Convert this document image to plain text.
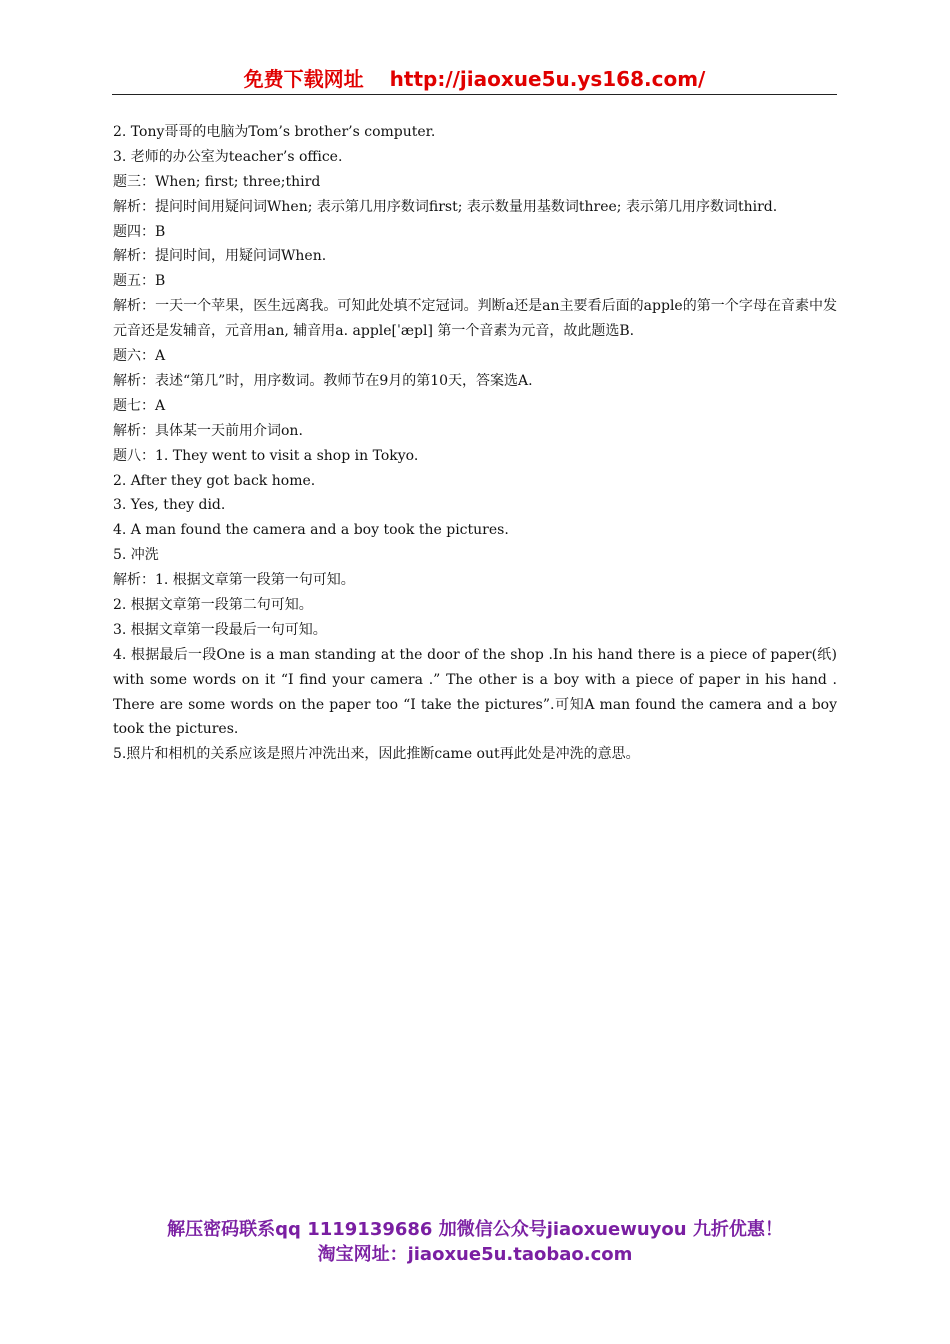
免费下载网址 http://jiaoxue5u.ys168.com/
2. Tony哥哥的电脑为Tom’s brother’s computer.
3. 老师的办公室为teacher’s office.
题三：When; first; three;third
解析：提问时间用疑问词When; 表示第几用序数词first; 表示数量用基数词three; 表示第几用序数词third.
题四：B
解析：提问时间，用疑问词When.
题五：B
解析：一天一个苹果，医生远离我。可知此处填不定冠词。判断a还是an主要看后面的apple的第一个字母在音素中发元音还是发辅音，元音用an, 辅音用a. apple[ˈæpl] 第一个音素为元音，故此题选B.
题六：A
解析：表述“第几”时，用序数词。教师节在9月的第10天，答案选A.
题七：A
解析：具体某一天前用介词on.
题八：1. They went to visit a shop in Tokyo.
2. After they got back home.
3. Yes, they did.
4. A man found the camera and a boy took the pictures.
5. 冲洗
解析：1. 根据文章第一段第一句可知。
2. 根据文章第一段第二句可知。
3. 根据文章第一段最后一句可知。
4. 根据最后一段One is a man standing at the door of the shop .In his hand there is a piece of paper(纸) with some words on it “I find your camera .” The other is a boy with a piece of paper in his hand . There are some words on the paper too “I take the pictures”.可知A man found the camera and a boy took the pictures.
5.照片和相机的关系应该是照片冲洗出来，因此推断came out再此处是冲洗的意思。
解压密码联系qq 1119139686 加微信公众号jiaoxuewuyou 九折优惠！
淘宝网址：jiaoxue5u.taobao.com
